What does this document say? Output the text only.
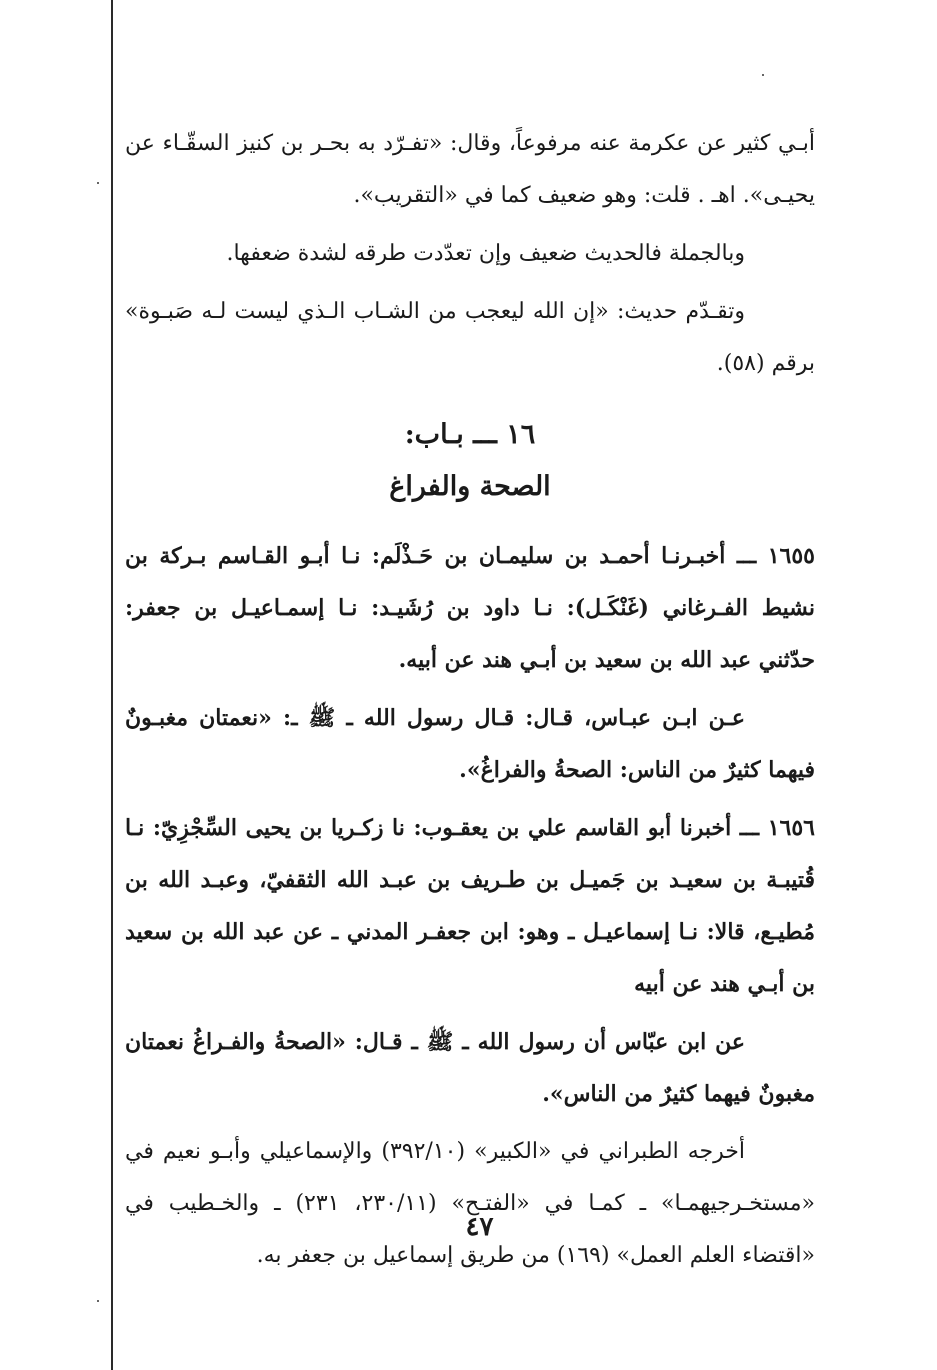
أبـي كثير عن عكرمة عنه مرفوعاً، وقال: «تفـرّد به بحـر بن كنيز السقّـاء عن يحيـى». اهـ . قلت: وهو ضعيف كما في «التقريب».

وبالجملة فالحديث ضعيف وإن تعدّدت طرقه لشدة ضعفها.

وتقـدّم حديث: «إن الله ليعجب من الشـاب الـذي ليست لـه صَبـوة» برقم (٥٨).

١٦ ـــ بـاب:
الصحة والفراغ

١٦٥٥ ـــ أخبـرنـا أحمـد بن سليمـان بن حَـذْلَم: نـا أبـو القـاسم بـركة بن نشيط الفـرغاني (غَنْكَـل): نـا داود بن رُشَيـد: نـا إسمـاعيـل بن جعفر: حدّثني عبد الله بن سعيد بن أبـي هند عن أبيه.

عـن ابـن عبـاس، قـال: قـال رسول الله ـ ﷺ ـ: «نعمتان مغبـونٌ فيهما كثيرٌ من الناس: الصحةُ والفراغُ».

١٦٥٦ ـــ أخبرنا أبو القاسم علي بن يعقـوب: نا زكـريا بن يحيى السِّجْزِيّ: نـا قُتيبـة بن سعيـد بن جَميـل بن طـريف بن عبـد الله الثقفيّ، وعبـد الله بن مُطيـع، قالا: نـا إسماعيـل ـ وهو: ابن جعفـر المدني ـ عن عبد الله بن سعيد بن أبـي هند عن أبيه

عن ابن عبّاس أن رسول الله ـ ﷺ ـ قـال: «الصحةُ والفـراغُ نعمتان مغبونٌ فيهما كثيرٌ من الناس».

أخرجه الطبراني في «الكبير» (٣٩٢/١٠) والإسماعيلي وأبـو نعيم في «مستخـرجيهمـا» ـ كمـا في «الفتـح» (٢٣٠/١١، ٢٣١) ـ والخـطيب في «اقتضاء العلم العمل» (١٦٩) من طريق إسماعيل بن جعفر به.

٤٧
